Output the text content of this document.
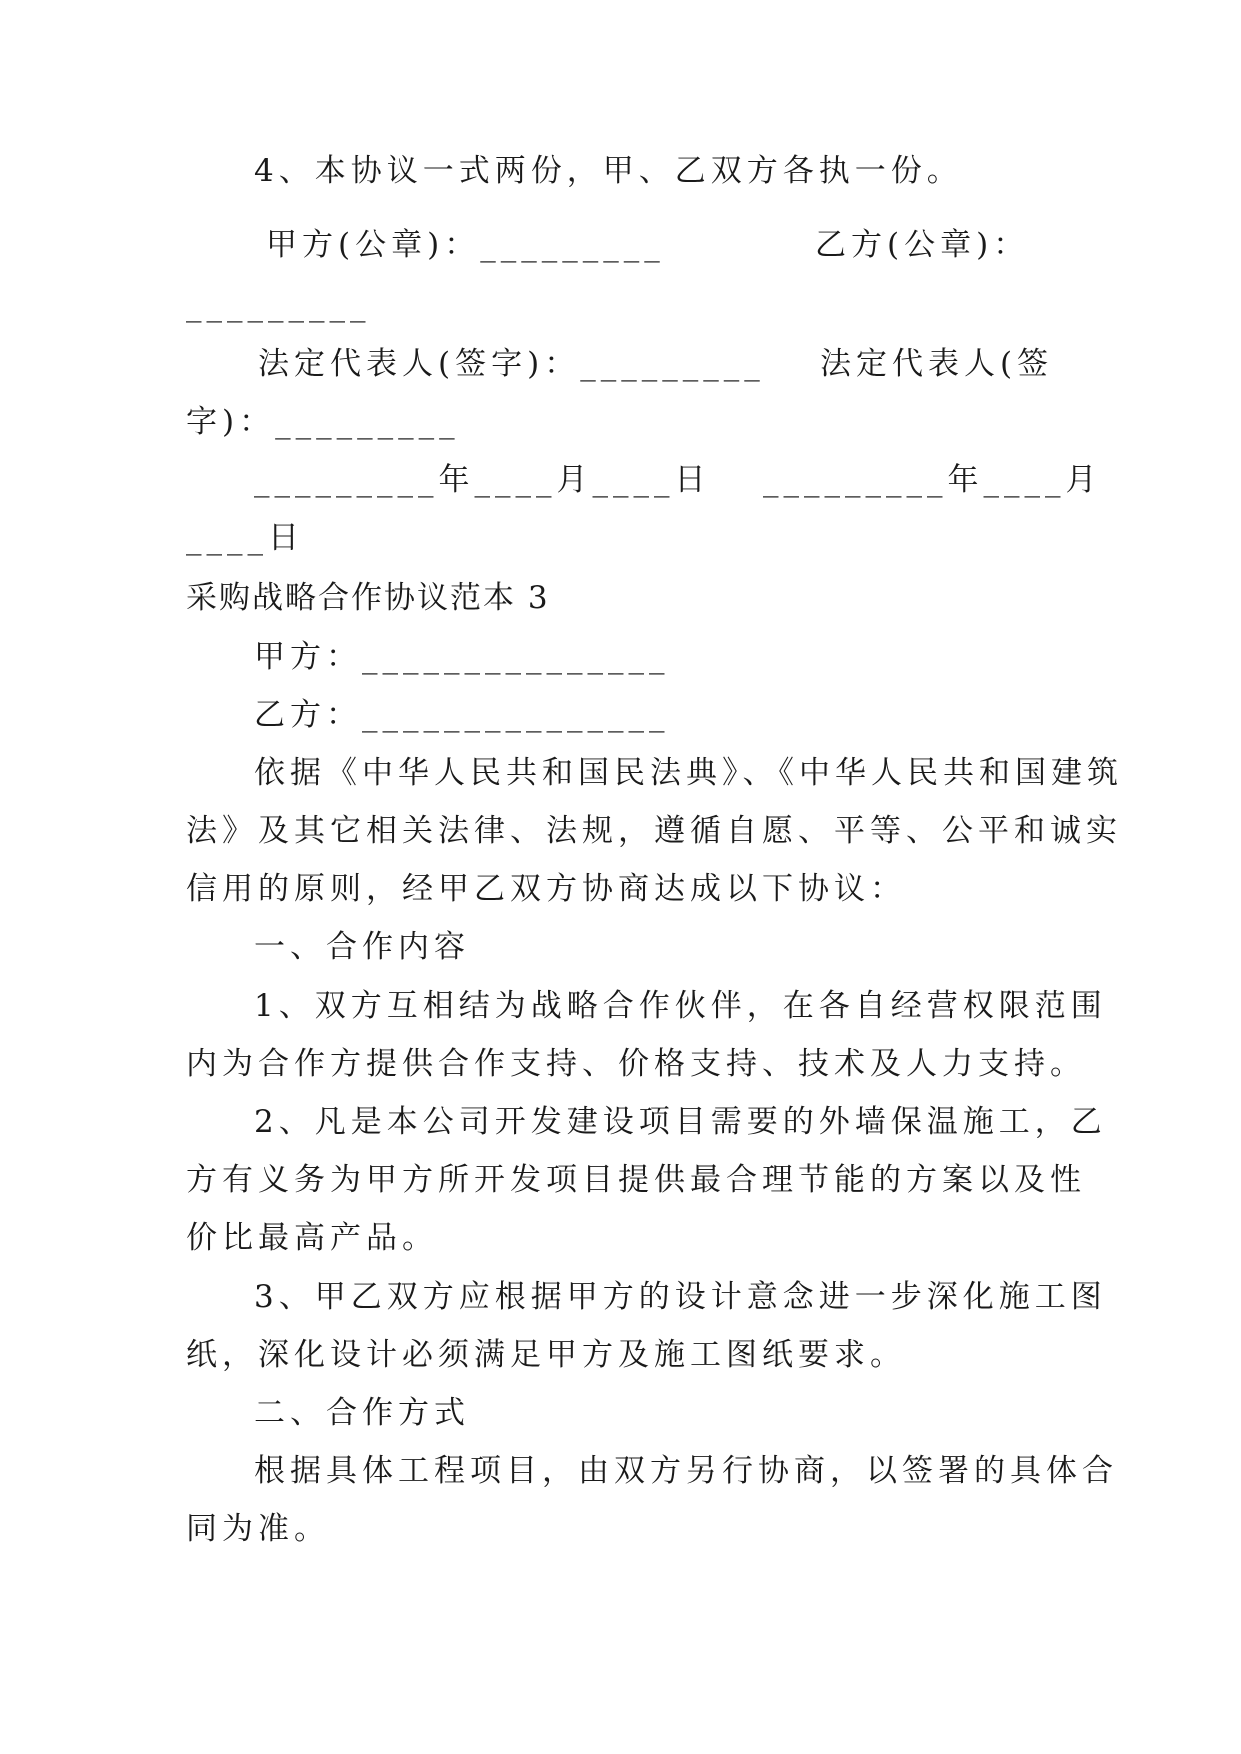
4、本协议一式两份，甲、乙双方各执一份。
甲方(公章)：_________	乙方(公章)：
_________
法定代表人(签字)：_________ 法定代表人(签
字)：_________
_________年____月____日 _________年____月
____日
采购战略合作协议范本 3
甲方：_______________
乙方：_______________
依据《中华人民共和国民法典》、《中华人民共和国建筑
法》及其它相关法律、法规，遵循自愿、平等、公平和诚实
信用的原则，经甲乙双方协商达成以下协议：
一、合作内容
1、双方互相结为战略合作伙伴，在各自经营权限范围
内为合作方提供合作支持、价格支持、技术及人力支持。
2、凡是本公司开发建设项目需要的外墙保温施工，乙
方有义务为甲方所开发项目提供最合理节能的方案以及性
价比最高产品。
3、甲乙双方应根据甲方的设计意念进一步深化施工图
纸，深化设计必须满足甲方及施工图纸要求。
二、合作方式
根据具体工程项目，由双方另行协商，以签署的具体合
同为准。
